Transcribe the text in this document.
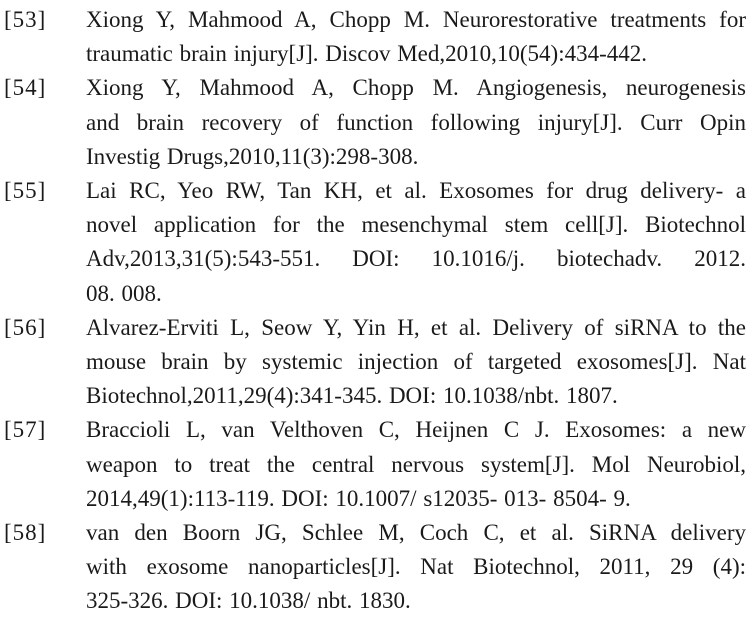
[53]	Xiong Y, Mahmood A, Chopp M. Neurorestorative treatments for
traumatic brain injury[J]. Discov Med,2010,10(54):434-442.
[54]	Xiong Y, Mahmood A, Chopp M. Angiogenesis, neurogenesis
and brain recovery of function following injury[J]. Curr Opin
Investig Drugs,2010,11(3):298-308.
[55]	Lai RC, Yeo RW, Tan KH, et al. Exosomes for drug delivery- a
novel application for the mesenchymal stem cell[J]. Biotechnol
Adv,2013,31(5):543-551. DOI: 10.1016/j. biotechadv. 2012.
08. 008.
[56]	Alvarez-Erviti L, Seow Y, Yin H, et al. Delivery of siRNA to the
mouse brain by systemic injection of targeted exosomes[J]. Nat
Biotechnol,2011,29(4):341-345. DOI: 10.1038/nbt. 1807.
[57]	Braccioli L, van Velthoven C, Heijnen C J. Exosomes: a new
weapon to treat the central nervous system[J]. Mol Neurobiol,
2014,49(1):113-119. DOI: 10.1007/ s12035- 013- 8504- 9.
[58]	van den Boorn JG, Schlee M, Coch C, et al. SiRNA delivery
with exosome nanoparticles[J]. Nat Biotechnol, 2011, 29 (4):
325-326. DOI: 10.1038/ nbt. 1830.
